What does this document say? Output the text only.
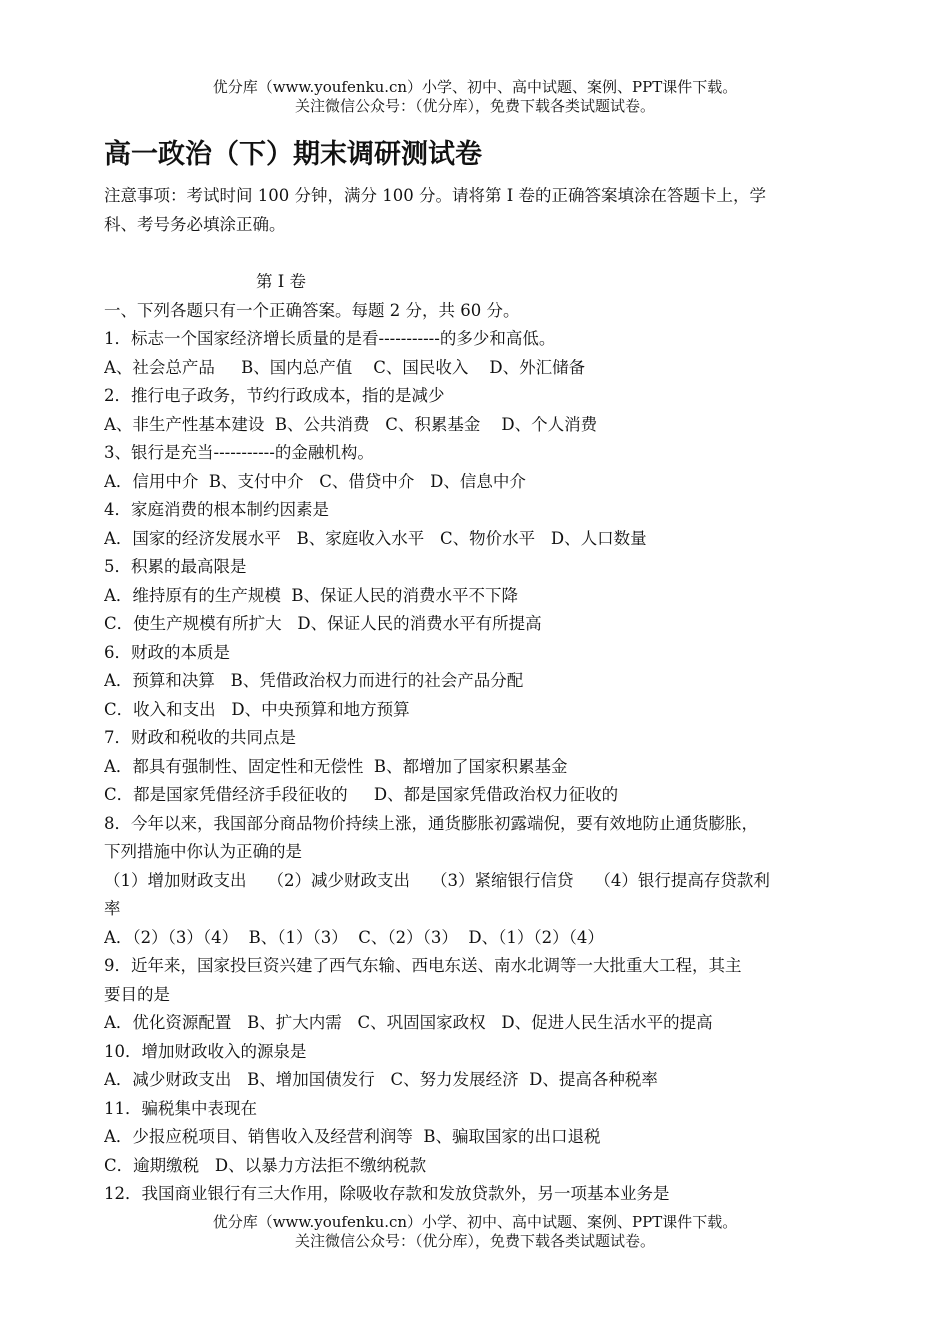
优分库（www.youfenku.cn）小学、初中、高中试题、案例、PPT课件下载。
关注微信公众号：（优分库），免费下载各类试题试卷。
高一政治（下）期末调研测试卷
注意事项：考试时间 100 分钟，满分 100 分。请将第 I 卷的正确答案填涂在答题卡上，学
科、考号务必填涂正确。
第 I 卷
一、下列各题只有一个正确答案。每题 2 分，共 60 分。
1．标志一个国家经济增长质量的是看-----------的多少和高低。
A、社会总产品     B、国内总产值    C、国民收入    D、外汇储备
2．推行电子政务，节约行政成本，指的是减少
A、非生产性基本建设  B、公共消费   C、积累基金    D、个人消费
3、银行是充当-----------的金融机构。
A．信用中介  B、支付中介   C、借贷中介   D、信息中介
4．家庭消费的根本制约因素是
A．国家的经济发展水平   B、家庭收入水平   C、物价水平   D、人口数量
5．积累的最高限是
A．维持原有的生产规模  B、保证人民的消费水平不下降
C．使生产规模有所扩大   D、保证人民的消费水平有所提高
6．财政的本质是
A．预算和决算   B、凭借政治权力而进行的社会产品分配
C．收入和支出   D、中央预算和地方预算
7．财政和税收的共同点是
A．都具有强制性、固定性和无偿性  B、都增加了国家积累基金
C．都是国家凭借经济手段征收的     D、都是国家凭借政治权力征收的
8．今年以来，我国部分商品物价持续上涨，通货膨胀初露端倪，要有效地防止通货膨胀，
下列措施中你认为正确的是
（1）增加财政支出    （2）减少财政支出    （3）紧缩银行信贷    （4）银行提高存贷款利
率
A．（2）（3）（4）  B、（1）（3）  C、（2）（3）  D、（1）（2）（4）
9．近年来，国家投巨资兴建了西气东输、西电东送、南水北调等一大批重大工程，其主
要目的是
A．优化资源配置   B、扩大内需   C、巩固国家政权   D、促进人民生活水平的提高
10．增加财政收入的源泉是
A．减少财政支出   B、增加国债发行   C、努力发展经济  D、提高各种税率
11．骗税集中表现在
A．少报应税项目、销售收入及经营利润等  B、骗取国家的出口退税
C．逾期缴税   D、以暴力方法拒不缴纳税款
12．我国商业银行有三大作用，除吸收存款和发放贷款外，另一项基本业务是
优分库（www.youfenku.cn）小学、初中、高中试题、案例、PPT课件下载。
关注微信公众号：（优分库），免费下载各类试题试卷。
